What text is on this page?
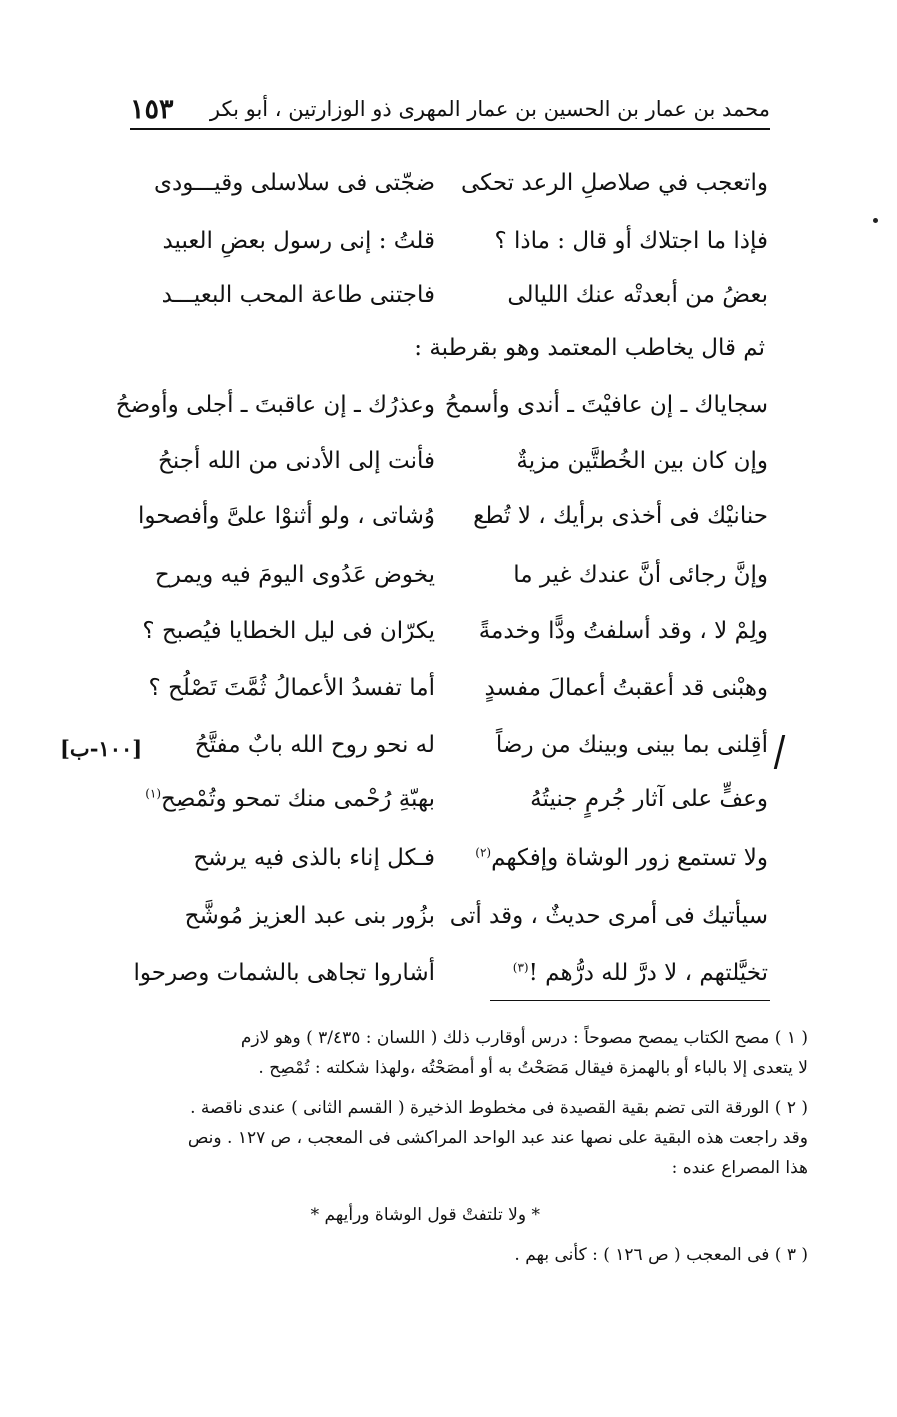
محمد بن عمار بن الحسين بن عمار المهرى ذو الوزارتين ، أبو بكر
١٥٣
واتعجب في صلاصلِ الرعد تحكى
ضجّتى فى سلاسلى وقيـــودى
فإذا ما اجتلاك أو قال : ماذا ؟
قلتُ : إنى رسول بعضِ العبيد
بعضُ من أبعدتْه عنك الليالى
فاجتنى طاعة المحب البعيـــد
ثم قال يخاطب المعتمد وهو بقرطبة :
سجاياك ـ إن عافيْتَ ـ أندى وأسمحُ
وعذرُك ـ إن عاقبتَ ـ أجلى وأوضحُ
وإن كان بين الخُطتَّين مزيةٌ
فأنت إلى الأدنى من الله أجنحُ
حنانيْك فى أخذى برأيك ، لا تُطع
وُشاتى ، ولو أثنوْا علىَّ وأفصحوا
وإنَّ رجائى أنَّ عندك غير ما
يخوض عَدُوى اليومَ فيه ويمرح
ولِمْ لا ، وقد أسلفتُ ودًّا وخدمةً
يكرّان فى ليل الخطايا فيُصبح ؟
وهبْنى قد أعقبتُ أعمالَ مفسدٍ
أما تفسدُ الأعمالُ ثُمَّتَ تَصْلُح ؟
أقِلنى بما بينى وبينك من رضاً
له نحو روح الله بابٌ مفتَّحُ
[١٠٠-ب]
وعفٍّ على آثار جُرمٍ جنيتُهُ
بهبّةِ رُحْمى منك تمحو وتُمْصِح$^{(١)}$
ولا تستمع زور الوشاة وإفكهم$^{(٢)}$
فـكل إناء بالذى فيه يرشح
سيأتيك فى أمرى حديثٌ ، وقد أتى
بزُور بنى عبد العزيز مُوشَّح
تخيَّلتهم ، لا درَّ لله درُّهم !$^{(٣)}$
أشاروا تجاهى بالشمات وصرحوا
( ١ ) مصح الكتاب يمصح مصوحاً : درس أوقارب ذلك ( اللسان : ٣/٤٣٥ ) وهو لازم
لا يتعدى إلا بالباء أو بالهمزة فيقال مَصَحْتُ به أو أمصَحْتُه ،ولهذا شكلته : تُمْصِح .
( ٢ ) الورقة التى تضم بقية القصيدة فى مخطوط الذخيرة ( القسم الثانى ) عندى ناقصة .
وقد راجعت هذه البقية على نصها عند عبد الواحد المراكشى فى المعجب ، ص ١٢٧ . ونص
هذا المصراع عنده :
* ولا تلتفتْ قول الوشاة ورأيهم *
( ٣ ) فى المعجب ( ص ١٢٦ ) : كأنى بهم .
